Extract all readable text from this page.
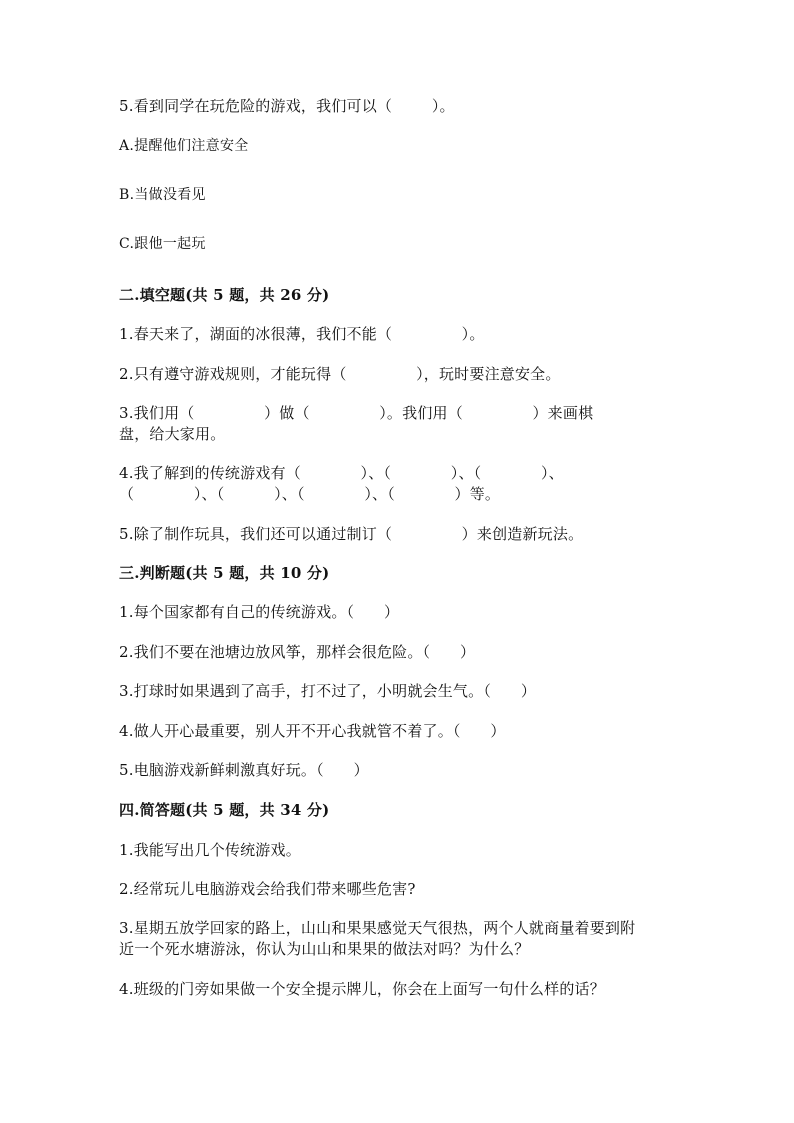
5.看到同学在玩危险的游戏，我们可以（        ）。
A.提醒他们注意安全
B.当做没看见
C.跟他一起玩
二.填空题(共 5 题，共 26 分)
1.春天来了，湖面的冰很薄，我们不能（              ）。
2.只有遵守游戏规则，才能玩得（              ），玩时要注意安全。
3.我们用（              ）做（              ）。我们用（              ）来画棋
盘，给大家用。
4.我了解到的传统游戏有（            ）、（            ）、（            ）、
（            ）、（          ）、（            ）、（            ）等。
5.除了制作玩具，我们还可以通过制订（              ）来创造新玩法。
三.判断题(共 5 题，共 10 分)
1.每个国家都有自己的传统游戏。（      ）
2.我们不要在池塘边放风筝，那样会很危险。（      ）
3.打球时如果遇到了高手，打不过了，小明就会生气。（      ）
4.做人开心最重要，别人开不开心我就管不着了。（      ）
5.电脑游戏新鲜刺激真好玩。（      ）
四.简答题(共 5 题，共 34 分)
1.我能写出几个传统游戏。
2.经常玩儿电脑游戏会给我们带来哪些危害?
3.星期五放学回家的路上，山山和果果感觉天气很热，两个人就商量着要到附
近一个死水塘游泳，你认为山山和果果的做法对吗？为什么？
4.班级的门旁如果做一个安全提示牌儿，你会在上面写一句什么样的话？
